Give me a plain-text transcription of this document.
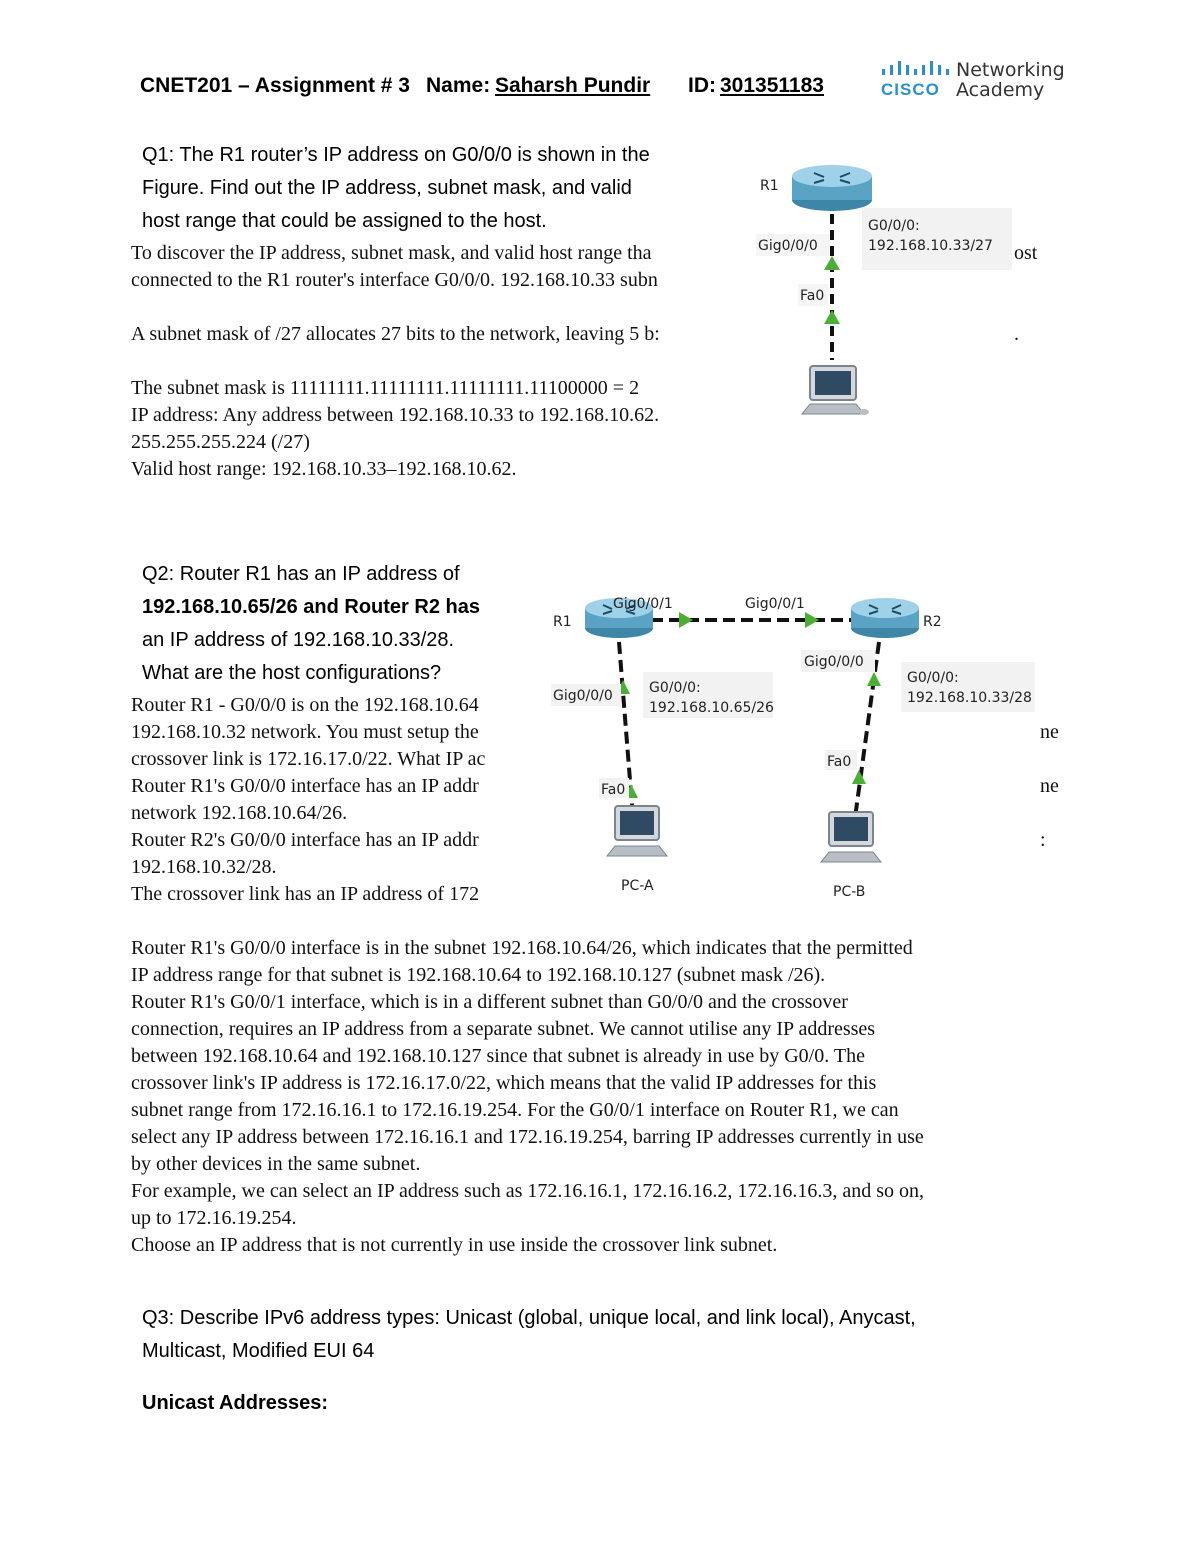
CNET201 – Assignment # 3 Name: Saharsh Pundir ID: 301351183	CISCO
Networking
Academy
Q1: The R1 router’s IP address on G0/0/0 is shown in the
Figure. Find out the IP address, subnet mask, and valid
host range that could be assigned to the host.
To discover the IP address, subnet mask, and valid host range tha
connected to the R1 router's interface G0/0/0. 192.168.10.33 subn
A subnet mask of /27 allocates 27 bits to the network, leaving 5 b:
The subnet mask is 11111111.11111111.11111111.11100000 = 2
IP address: Any address between 192.168.10.33 to 192.168.10.62.
255.255.255.224 (/27)
Valid host range: 192.168.10.33–192.168.10.62.
R1
G0/0/0:
192.168.10.33/27
Gig0/0/0
Fa0
ost
.
Q2: Router R1 has an IP address of
192.168.10.65/26 and Router R2 has
an IP address of 192.168.10.33/28.
What are the host configurations?
Router R1 - G0/0/0 is on the 192.168.10.64
192.168.10.32 network. You must setup the
crossover link is 172.16.17.0/22. What IP ac
Router R1's G0/0/0 interface has an IP addr
network 192.168.10.64/26.
Router R2's G0/0/0 interface has an IP addr
192.168.10.32/28.
The crossover link has an IP address of 172
R1	R2
Gig0/0/1	Gig0/0/1
Gig0/0/0	G0/0/0:
192.168.10.65/26
Fa0
Gig0/0/0
G0/0/0:
192.168.10.33/28
Fa0
PC-A	PC-B
ne
ne
:
Router R1's G0/0/0 interface is in the subnet 192.168.10.64/26, which indicates that the permitted
IP address range for that subnet is 192.168.10.64 to 192.168.10.127 (subnet mask /26).
Router R1's G0/0/1 interface, which is in a different subnet than G0/0/0 and the crossover
connection, requires an IP address from a separate subnet. We cannot utilise any IP addresses
between 192.168.10.64 and 192.168.10.127 since that subnet is already in use by G0/0. The
crossover link's IP address is 172.16.17.0/22, which means that the valid IP addresses for this
subnet range from 172.16.16.1 to 172.16.19.254. For the G0/0/1 interface on Router R1, we can
select any IP address between 172.16.16.1 and 172.16.19.254, barring IP addresses currently in use
by other devices in the same subnet.
For example, we can select an IP address such as 172.16.16.1, 172.16.16.2, 172.16.16.3, and so on,
up to 172.16.19.254.
Choose an IP address that is not currently in use inside the crossover link subnet.
Q3: Describe IPv6 address types: Unicast (global, unique local, and link local), Anycast,
Multicast, Modified EUI 64
Unicast Addresses:
